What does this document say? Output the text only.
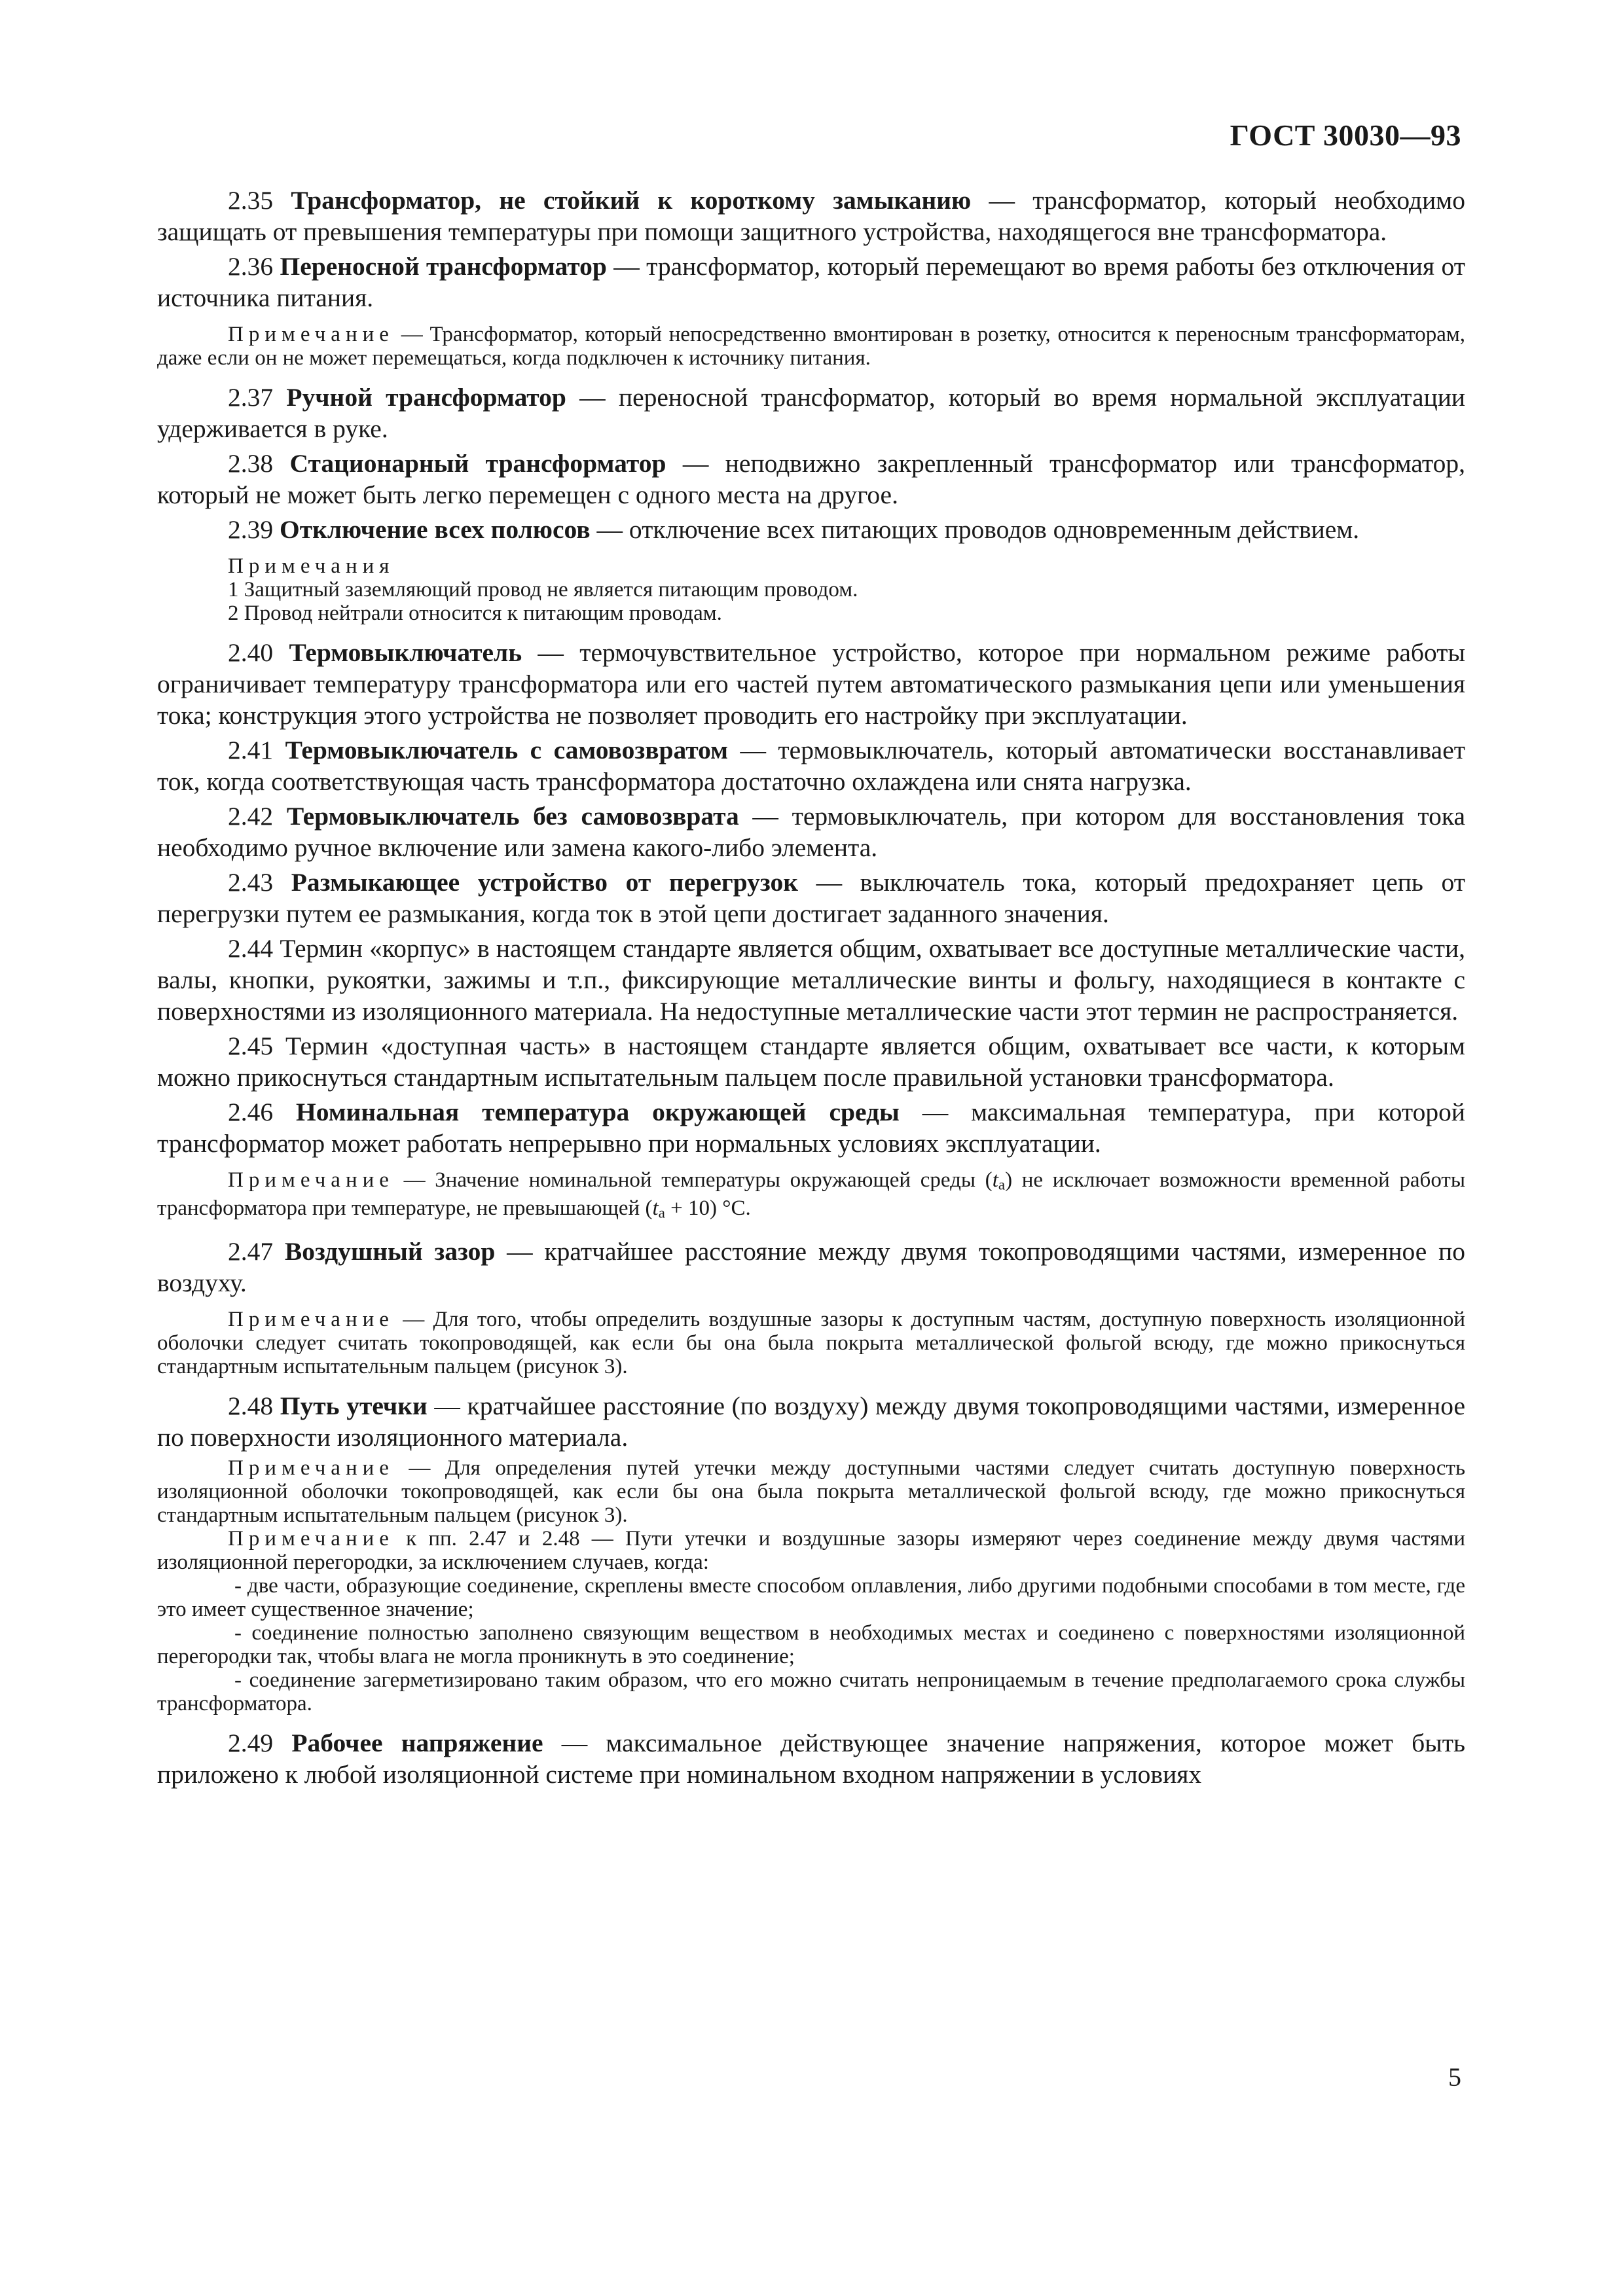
ГОСТ 30030—93

2.35 Трансформатор, не стойкий к короткому замыканию — трансформатор, который необходимо защищать от превышения температуры при помощи защитного устройства, находящегося вне трансформатора.

2.36 Переносной трансформатор — трансформатор, который перемещают во время работы без отключения от источника питания.

Примечание — Трансформатор, который непосредственно вмонтирован в розетку, относится к переносным трансформаторам, даже если он не может перемещаться, когда подключен к источнику питания.

2.37 Ручной трансформатор — переносной трансформатор, который во время нормальной эксплуатации удерживается в руке.

2.38 Стационарный трансформатор — неподвижно закрепленный трансформатор или трансформатор, который не может быть легко перемещен с одного места на другое.

2.39 Отключение всех полюсов — отключение всех питающих проводов одновременным действием.

Примечания

1 Защитный заземляющий провод не является питающим проводом.

2 Провод нейтрали относится к питающим проводам.

2.40 Термовыключатель — термочувствительное устройство, которое при нормальном режиме работы ограничивает температуру трансформатора или его частей путем автоматического размыкания цепи или уменьшения тока; конструкция этого устройства не позволяет проводить его настройку при эксплуатации.

2.41 Термовыключатель с самовозвратом — термовыключатель, который автоматически восстанавливает ток, когда соответствующая часть трансформатора достаточно охлаждена или снята нагрузка.

2.42 Термовыключатель без самовозврата — термовыключатель, при котором для восстановления тока необходимо ручное включение или замена какого-либо элемента.

2.43 Размыкающее устройство от перегрузок — выключатель тока, который предохраняет цепь от перегрузки путем ее размыкания, когда ток в этой цепи достигает заданного значения.

2.44 Термин «корпус» в настоящем стандарте является общим, охватывает все доступные металлические части, валы, кнопки, рукоятки, зажимы и т.п., фиксирующие металлические винты и фольгу, находящиеся в контакте с поверхностями из изоляционного материала. На недоступные металлические части этот термин не распространяется.

2.45 Термин «доступная часть» в настоящем стандарте является общим, охватывает все части, к которым можно прикоснуться стандартным испытательным пальцем после правильной установки трансформатора.

2.46 Номинальная температура окружающей среды — максимальная температура, при которой трансформатор может работать непрерывно при нормальных условиях эксплуатации.

Примечание — Значение номинальной температуры окружающей среды $(t_a)$ не исключает возможности временной работы трансформатора при температуре, не превышающей $(t_a + 10)$ °С.

2.47 Воздушный зазор — кратчайшее расстояние между двумя токопроводящими частями, измеренное по воздуху.

Примечание — Для того, чтобы определить воздушные зазоры к доступным частям, доступную поверхность изоляционной оболочки следует считать токопроводящей, как если бы она была покрыта металлической фольгой всюду, где можно прикоснуться стандартным испытательным пальцем (рисунок 3).

2.48 Путь утечки — кратчайшее расстояние (по воздуху) между двумя токопроводящими частями, измеренное по поверхности изоляционного материала.

Примечание — Для определения путей утечки между доступными частями следует считать доступную поверхность изоляционной оболочки токопроводящей, как если бы она была покрыта металлической фольгой всюду, где можно прикоснуться стандартным испытательным пальцем (рисунок 3).

Примечание к пп. 2.47 и 2.48 — Пути утечки и воздушные зазоры измеряют через соединение между двумя частями изоляционной перегородки, за исключением случаев, когда:

- две части, образующие соединение, скреплены вместе способом оплавления, либо другими подобными способами в том месте, где это имеет существенное значение;

- соединение полностью заполнено связующим веществом в необходимых местах и соединено с поверхностями изоляционной перегородки так, чтобы влага не могла проникнуть в это соединение;

- соединение загерметизировано таким образом, что его можно считать непроницаемым в течение предполагаемого срока службы трансформатора.

2.49 Рабочее напряжение — максимальное действующее значение напряжения, которое может быть приложено к любой изоляционной системе при номинальном входном напряжении в условиях

5
